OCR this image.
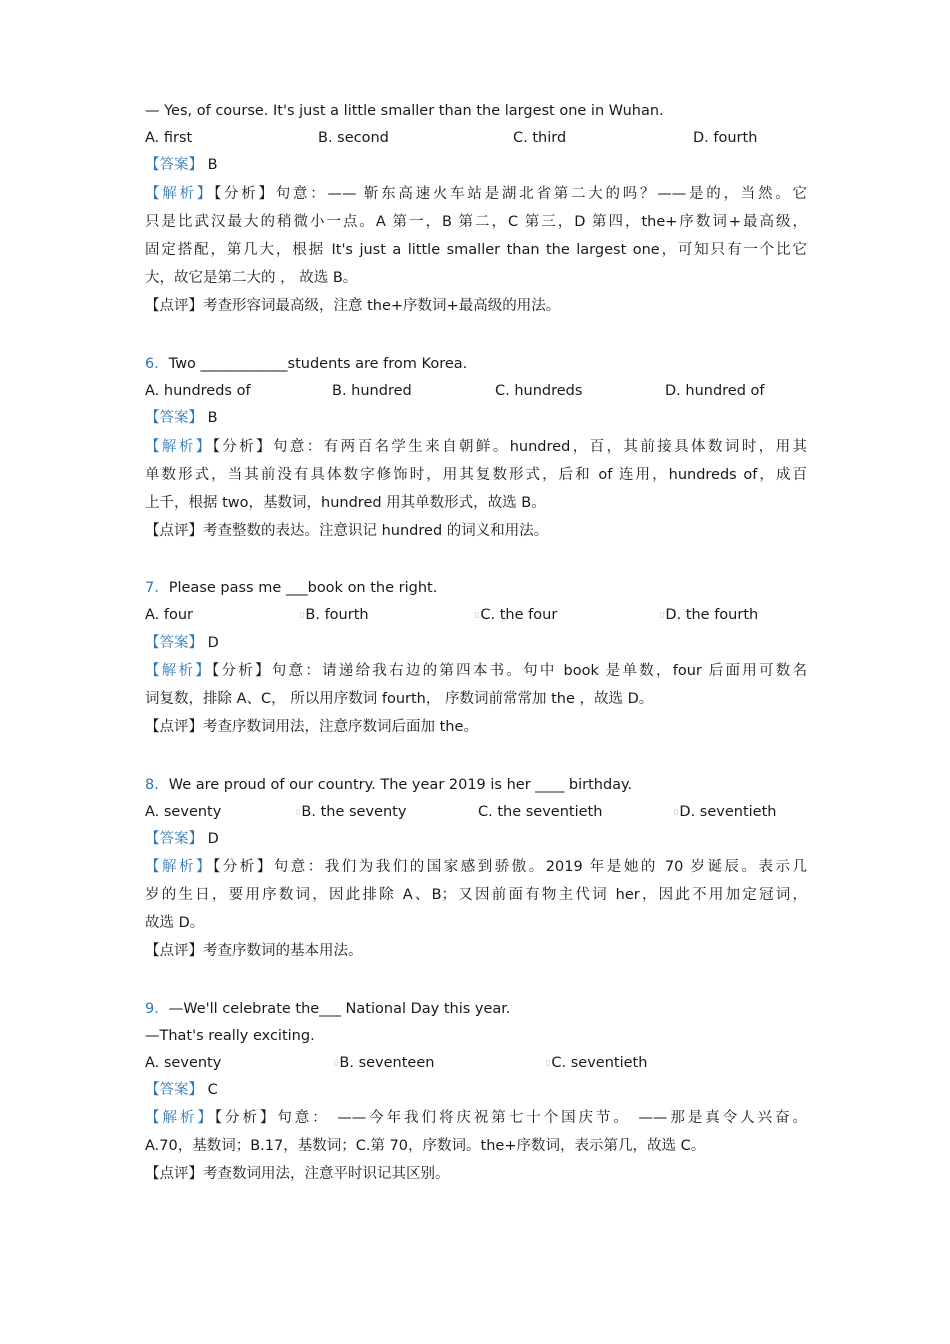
— Yes, of course. It's just a little smaller than the largest one in Wuhan.
A. first	B. second	C. third	D. fourth
【答案】 B
【解析】【分析】句意：—— 靳东高速火车站是湖北省第二大的吗？——是的，当然。它
只是比武汉最大的稍微小一点。A 第一，B 第二，C 第三，D 第四，the+序数词+最高级，
固定搭配，第几大，根据 It's just a little smaller than the largest one，可知只有一个比它
大，故它是第二大的 ， 故选 B。
【点评】考查形容词最高级，注意 the+序数词+最高级的用法。
6．Two ____________students are from Korea.
A. hundreds of	B. hundred	C. hundreds	D. hundred of
【答案】 B
【解析】【分析】句意：有两百名学生来自朝鲜。hundred，百，其前接具体数词时，用其
单数形式，当其前没有具体数字修饰时，用其复数形式，后和 of 连用，hundreds of，成百
上千，根据 two，基数词，hundred 用其单数形式，故选 B。
【点评】考查整数的表达。注意识记 hundred 的词义和用法。
7．Please pass me ___book on the right.
A. four	▯B. fourth	▯C. the four	▯D. the fourth
【答案】 D
【解析】【分析】句意：请递给我右边的第四本书。句中 book 是单数，four 后面用可数名
词复数，排除 A、C， 所以用序数词 fourth， 序数词前常常加 the ，故选 D。
【点评】考查序数词用法，注意序数词后面加 the。
8．We are proud of our country. The year 2019 is her ____ birthday.
A. seventy	▯B. the seventy	C. the seventieth	▯D. seventieth
【答案】 D
【解析】【分析】句意：我们为我们的国家感到骄傲。2019 年是她的 70 岁诞辰。表示几
岁的生日，要用序数词，因此排除 A、B；又因前面有物主代词 her，因此不用加定冠词，
故选 D。
【点评】考查序数词的基本用法。
9．—We'll celebrate the___ National Day this year.
—That's really exciting.
A. seventy	▯B. seventeen	▯C. seventieth
【答案】 C
【解析】【分析】句意： ——今年我们将庆祝第七十个国庆节。 ——那是真令人兴奋。
A.70，基数词；B.17，基数词；C.第 70，序数词。the+序数词，表示第几，故选 C。
【点评】考查数词用法，注意平时识记其区别。
